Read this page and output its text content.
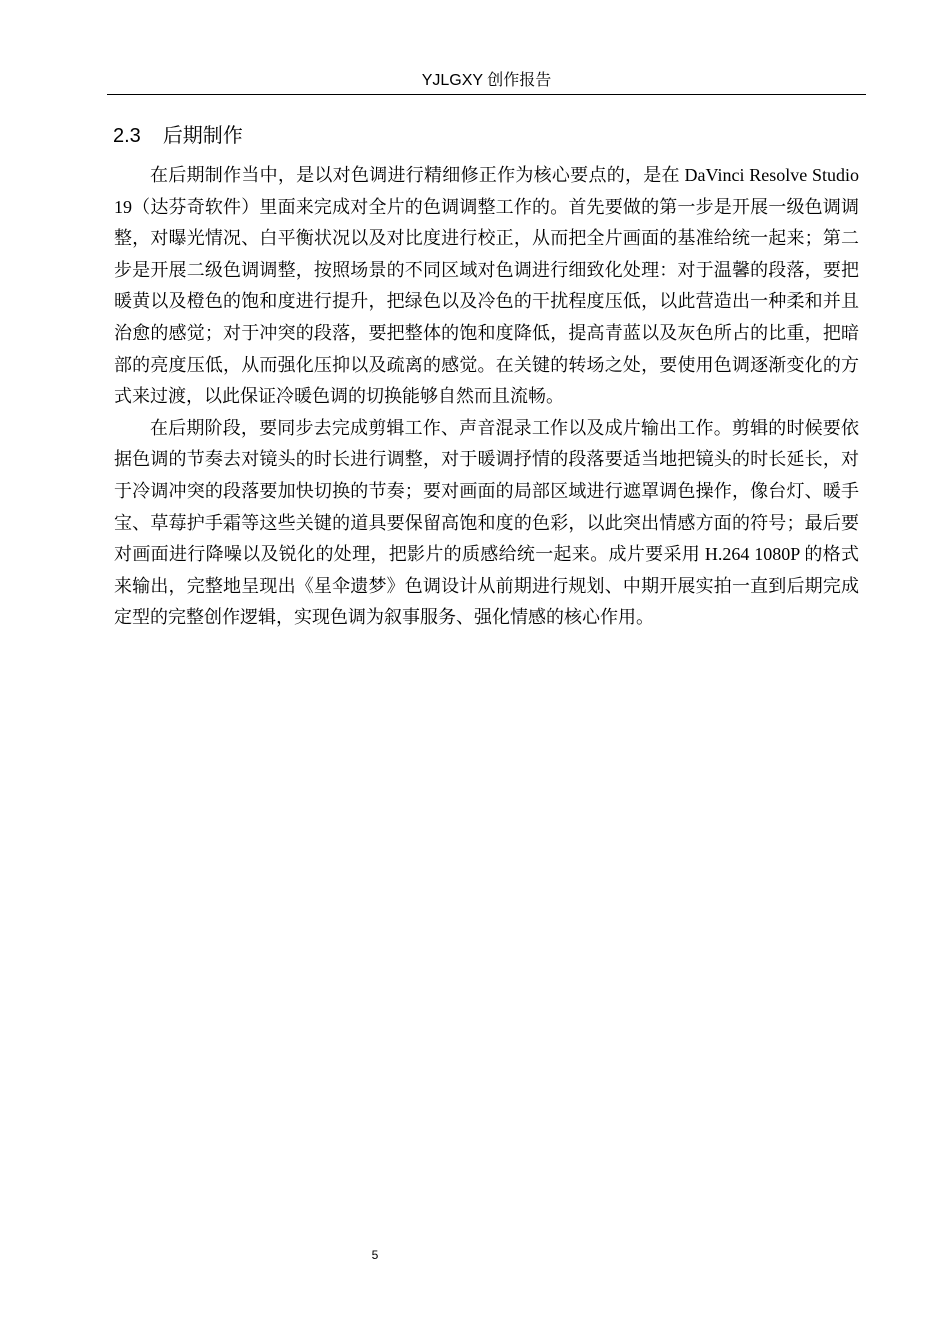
YJLGXY 创作报告
2.3 后期制作

在后期制作当中，是以对色调进行精细修正作为核心要点的，是在 DaVinci Resolve Studio 19（达芬奇软件）里面来完成对全片的色调调整工作的。首先要做的第一步是开展一级色调调整，对曝光情况、白平衡状况以及对比度进行校正，从而把全片画面的基准给统一起来；第二步是开展二级色调调整，按照场景的不同区域对色调进行细致化处理：对于温馨的段落，要把暖黄以及橙色的饱和度进行提升，把绿色以及冷色的干扰程度压低，以此营造出一种柔和并且治愈的感觉；对于冲突的段落，要把整体的饱和度降低，提高青蓝以及灰色所占的比重，把暗部的亮度压低，从而强化压抑以及疏离的感觉。在关键的转场之处，要使用色调逐渐变化的方式来过渡，以此保证冷暖色调的切换能够自然而且流畅。

在后期阶段，要同步去完成剪辑工作、声音混录工作以及成片输出工作。剪辑的时候要依据色调的节奏去对镜头的时长进行调整，对于暖调抒情的段落要适当地把镜头的时长延长，对于冷调冲突的段落要加快切换的节奏；要对画面的局部区域进行遮罩调色操作，像台灯、暖手宝、草莓护手霜等这些关键的道具要保留高饱和度的色彩，以此突出情感方面的符号；最后要对画面进行降噪以及锐化的处理，把影片的质感给统一起来。成片要采用 H.264 1080P 的格式来输出，完整地呈现出《星伞遗梦》色调设计从前期进行规划、中期开展实拍一直到后期完成定型的完整创作逻辑，实现色调为叙事服务、强化情感的核心作用。

5
